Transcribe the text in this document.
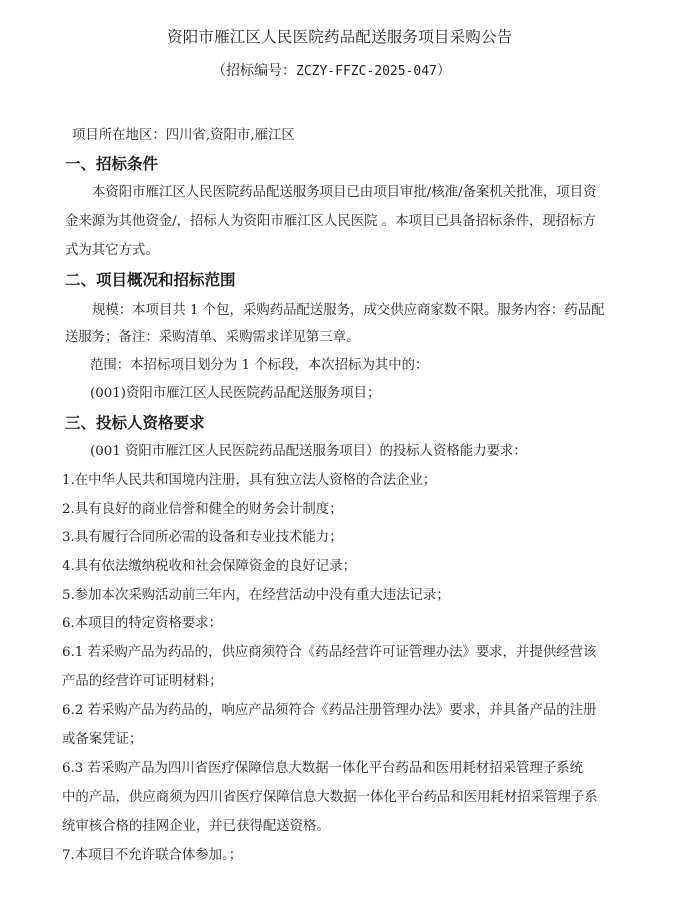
资阳市雁江区人民医院药品配送服务项目采购公告
（招标编号：ZCZY-FFZC-2025-047）
项目所在地区：四川省,资阳市,雁江区
一、招标条件
本资阳市雁江区人民医院药品配送服务项目已由项目审批/核准/备案机关批准，项目资
金来源为其他资金/，招标人为资阳市雁江区人民医院 。本项目已具备招标条件，现招标方
式为其它方式。
二、项目概况和招标范围
规模：本项目共 1 个包，采购药品配送服务，成交供应商家数不限。服务内容：药品配
送服务；备注：采购清单、采购需求详见第三章。
范围：本招标项目划分为 1 个标段，本次招标为其中的：
(001)资阳市雁江区人民医院药品配送服务项目；
三、投标人资格要求
(001 资阳市雁江区人民医院药品配送服务项目）的投标人资格能力要求：
1.在中华人民共和国境内注册，具有独立法人资格的合法企业；
2.具有良好的商业信誉和健全的财务会计制度；
3.具有履行合同所必需的设备和专业技术能力；
4.具有依法缴纳税收和社会保障资金的良好记录；
5.参加本次采购活动前三年内，在经营活动中没有重大违法记录；
6.本项目的特定资格要求：
6.1 若采购产品为药品的，供应商须符合《药品经营许可证管理办法》要求，并提供经营该
产品的经营许可证明材料；
6.2 若采购产品为药品的，响应产品须符合《药品注册管理办法》要求，并具备产品的注册
或备案凭证；
6.3 若采购产品为四川省医疗保障信息大数据一体化平台药品和医用耗材招采管理子系统
中的产品，供应商须为四川省医疗保障信息大数据一体化平台药品和医用耗材招采管理子系
统审核合格的挂网企业，并已获得配送资格。
7.本项目不允许联合体参加。；
